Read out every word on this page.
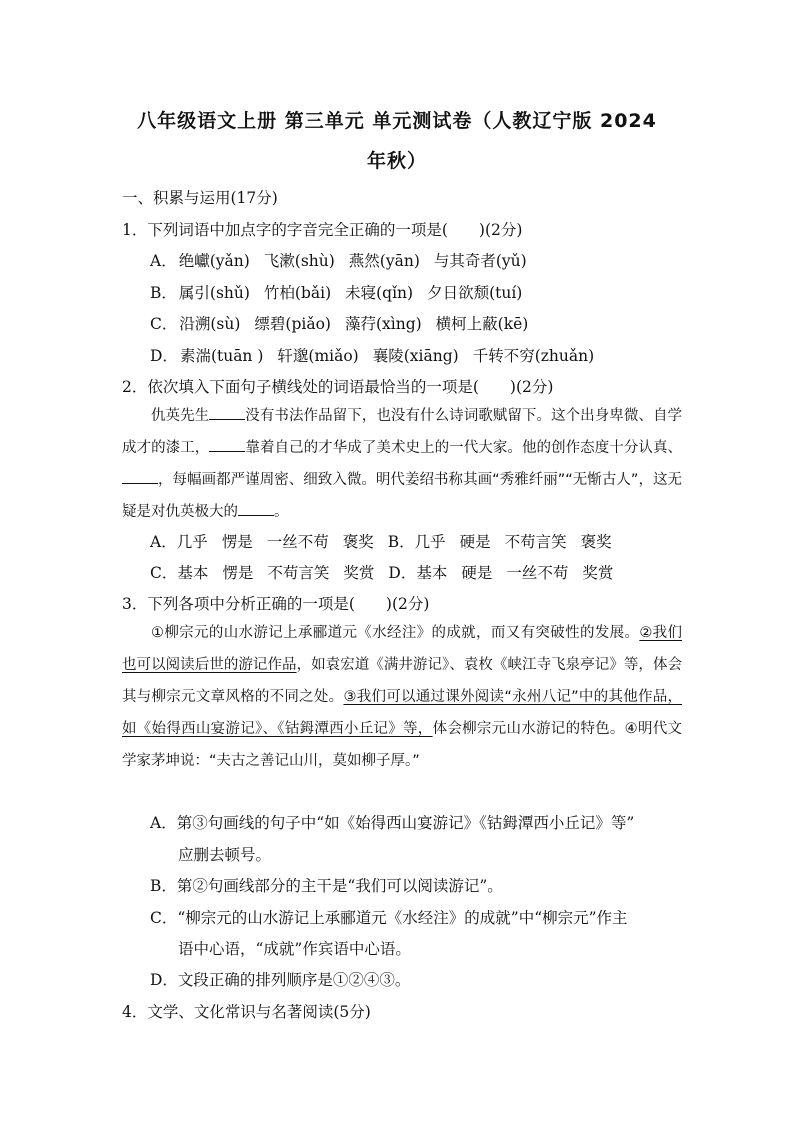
八年级语文上册 第三单元 单元测试卷（人教辽宁版 2024
年秋）
一、积累与运用(17分)
1．下列词语中加点字的字音完全正确的一项是(　　)(2分)
A． 绝巘(yǎn) 飞漱(shù) 燕然(yān) 与其奇者(yǔ)
B． 属引(shǔ) 竹柏(bǎi) 未寝(qǐn) 夕日欲颓(tuí)
C． 沿溯(sù) 缥碧(piǎo) 藻荇(xìng) 横柯上蔽(kē)
D． 素湍(tuān ) 轩邈(miǎo) 襄陵(xiāng) 千转不穷(zhuǎn)
2．依次填入下面句子横线处的词语最恰当的一项是(　　)(2分)

仇英先生 没有书法作品留下，也没有什么诗词歌赋留下。这个出身卑微、自学成才的漆工， 靠着自己的才华成了美术史上的一代大家。他的创作态度十分认真、，每幅画都严谨周密、细致入微。明代姜绍书称其画“秀雅纤丽”“无惭古人”，这无疑是对仇英极大的 。

A．几乎 愣是 一丝不苟 褒奖 B．几乎 硬是 不苟言笑 褒奖
C．基本 愣是 不苟言笑 奖赏 D．基本 硬是 一丝不苟 奖赏
3．下列各项中分析正确的一项是(　　)(2分)

①柳宗元的山水游记上承郦道元《水经注》的成就，而又有突破性的发展。②我们也可以阅读后世的游记作品，如袁宏道《满井游记》、袁枚《峡江寺飞泉亭记》等，体会其与柳宗元文章风格的不同之处。③我们可以通过课外阅读“永州八记”中的其他作品，如《始得西山宴游记》、《钴鉧潭西小丘记》等，体会柳宗元山水游记的特色。④明代文学家茅坤说：“夫古之善记山川，莫如柳子厚。”

A．第③句画线的句子中“如《始得西山宴游记》《钴鉧潭西小丘记》等”
应删去顿号。
B．第②句画线部分的主干是“我们可以阅读游记”。
C．“柳宗元的山水游记上承郦道元《水经注》的成就”中“柳宗元”作主
语中心语，“成就”作宾语中心语。
D．文段正确的排列顺序是①②④③。
4．文学、文化常识与名著阅读(5分)
